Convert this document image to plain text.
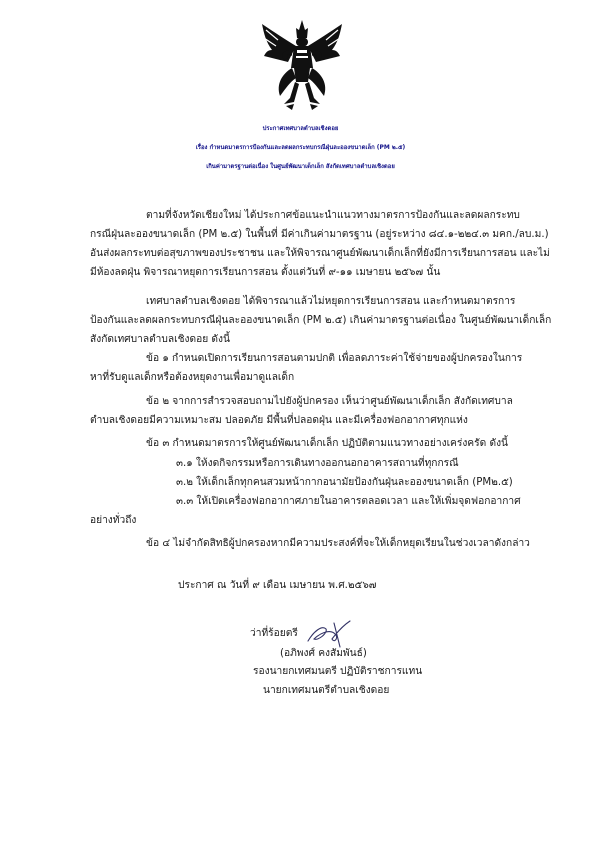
ประกาศเทศบาลตำบลเชิงดอย
เรื่อง กำหนดมาตรการป้องกันและลดผลกระทบกรณีฝุ่นละอองขนาดเล็ก (PM ๒.๕)
เกินค่ามาตรฐานต่อเนื่อง ในศูนย์พัฒนาเด็กเล็ก สังกัดเทศบาลตำบลเชิงดอย
ตามที่จังหวัดเชียงใหม่ ได้ประกาศข้อแนะนำแนวทางมาตรการป้องกันและลดผลกระทบ
กรณีฝุ่นละอองขนาดเล็ก (PM ๒.๕) ในพื้นที่ มีค่าเกินค่ามาตรฐาน (อยู่ระหว่าง ๘๔.๑-๒๒๔.๓ มคก./ลบ.ม.)
อันส่งผลกระทบต่อสุขภาพของประชาชน และให้พิจารณาศูนย์พัฒนาเด็กเล็กที่ยังมีการเรียนการสอน และไม่
มีห้องลดฝุ่น พิจารณาหยุดการเรียนการสอน ตั้งแต่วันที่ ๙-๑๑ เมษายน ๒๕๖๗ นั้น
เทศบาลตำบลเชิงดอย ได้พิจารณาแล้วไม่หยุดการเรียนการสอน และกำหนดมาตรการ
ป้องกันและลดผลกระทบกรณีฝุ่นละอองขนาดเล็ก (PM ๒.๕) เกินค่ามาตรฐานต่อเนื่อง ในศูนย์พัฒนาเด็กเล็ก
สังกัดเทศบาลตำบลเชิงดอย ดังนี้
ข้อ ๑ กำหนดเปิดการเรียนการสอนตามปกติ เพื่อลดภาระค่าใช้จ่ายของผู้ปกครองในการ
หาที่รับดูแลเด็กหรือต้องหยุดงานเพื่อมาดูแลเด็ก
ข้อ ๒ จากการสำรวจสอบถามไปยังผู้ปกครอง เห็นว่าศูนย์พัฒนาเด็กเล็ก สังกัดเทศบาล
ตำบลเชิงดอยมีความเหมาะสม ปลอดภัย มีพื้นที่ปลอดฝุ่น และมีเครื่องฟอกอากาศทุกแห่ง
ข้อ ๓ กำหนดมาตรการให้ศูนย์พัฒนาเด็กเล็ก ปฏิบัติตามแนวทางอย่างเคร่งครัด ดังนี้
๓.๑ ให้งดกิจกรรมหรือการเดินทางออกนอกอาคารสถานที่ทุกกรณี
๓.๒ ให้เด็กเล็กทุกคนสวมหน้ากากอนามัยป้องกันฝุ่นละอองขนาดเล็ก (PM๒.๕)
๓.๓ ให้เปิดเครื่องฟอกอากาศภายในอาคารตลอดเวลา และให้เพิ่มจุดฟอกอากาศ
อย่างทั่วถึง
ข้อ ๔ ไม่จำกัดสิทธิผู้ปกครองหากมีความประสงค์ที่จะให้เด็กหยุดเรียนในช่วงเวลาดังกล่าว
ประกาศ ณ วันที่ ๙ เดือน เมษายน พ.ศ.๒๕๖๗
ว่าที่ร้อยตรี
(อภิพงศ์ คงสัมพันธ์)
รองนายกเทศมนตรี ปฏิบัติราชการแทน
นายกเทศมนตรีตำบลเชิงดอย
